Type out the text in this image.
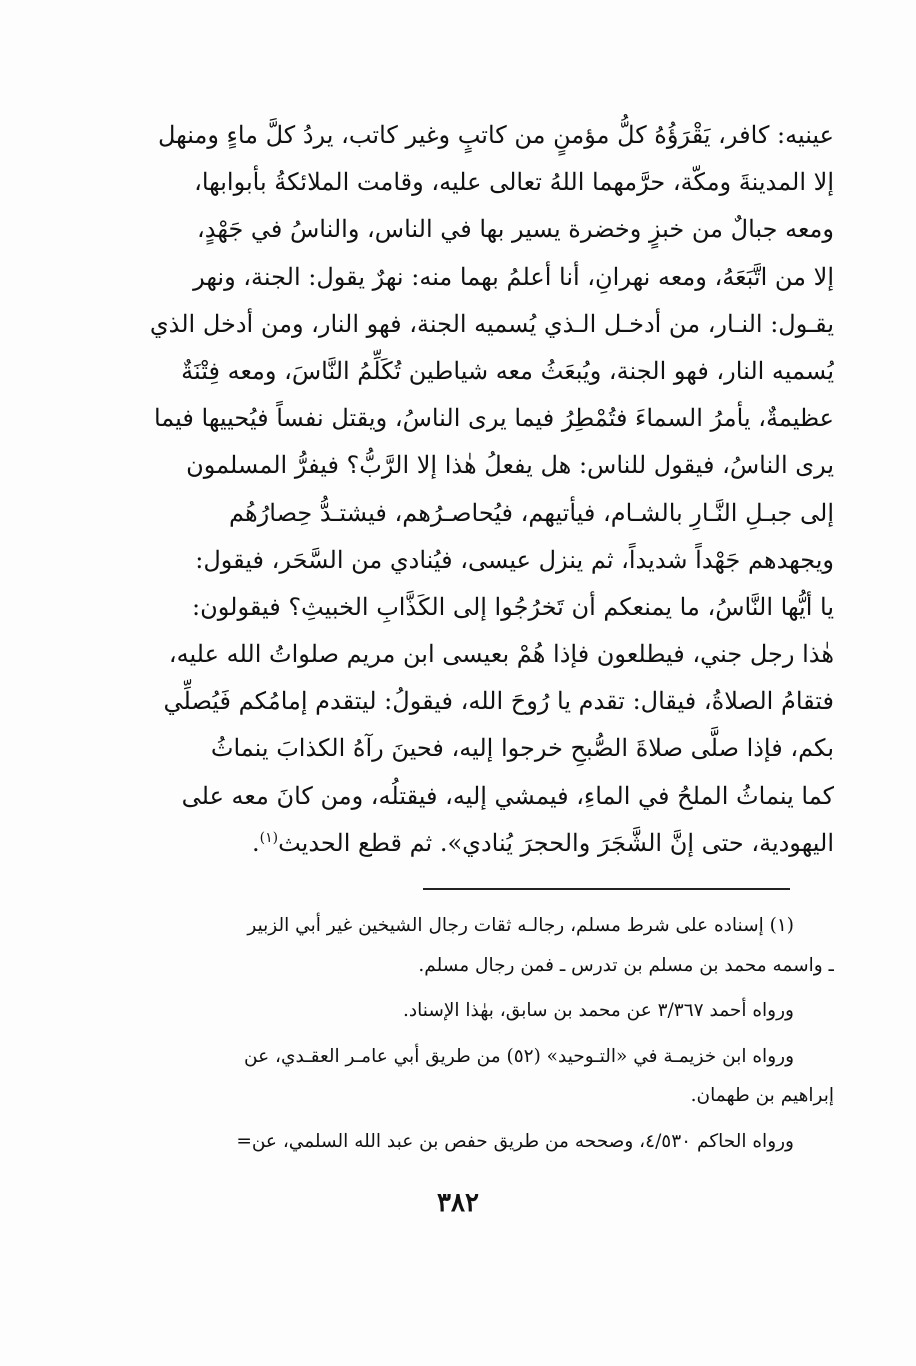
عينيه: كافر، يَقْرَؤُهُ كلُّ مؤمنٍ من كاتبٍ وغير كاتب، يردُ كلَّ ماءٍ ومنهل
إلا المدينةَ ومكّة، حرَّمهما اللهُ تعالى عليه، وقامت الملائكةُ بأبوابها،
ومعه جبالٌ من خبزٍ وخضرة يسير بها في الناس، والناسُ في جَهْدٍ،
إلا من اتَّبَعَهُ، ومعه نهرانِ، أنا أعلمُ بهما منه: نهرٌ يقول: الجنة، ونهر
يقـول: النـار، من أدخـل الـذي يُسميه الجنة، فهو النار، ومن أدخل الذي
يُسميه النار، فهو الجنة، ويُبعَثُ معه شياطين تُكَلِّمُ النَّاسَ، ومعه فِتْنَةٌ
عظيمةٌ، يأمرُ السماءَ فتُمْطِرُ فيما يرى الناسُ، ويقتل نفساً فيُحييها فيما
يرى الناسُ، فيقول للناس: هل يفعلُ هٰذا إلا الرَّبُّ؟ فيفرُّ المسلمون
إلى جبـلِ النَّـارِ بالشـام، فيأتيهم، فيُحاصـرُهم، فيشتـدُّ حِصارُهُم
ويجهدهم جَهْداً شديداً، ثم ينزل عيسى، فيُنادي من السَّحَر، فيقول:
يا أيُّها النَّاسُ، ما يمنعكم أن تَخرُجُوا إلى الكَذَّابِ الخبيثِ؟ فيقولون:
هٰذا رجل جني، فيطلعون فإذا هُمْ بعيسى ابن مريم صلواتُ الله عليه،
فتقامُ الصلاةُ، فيقال: تقدم يا رُوحَ الله، فيقولُ: ليتقدم إمامُكم فَيُصلِّي
بكم، فإذا صلَّى صلاةَ الصُّبحِ خرجوا إليه، فحينَ رآهُ الكذابَ ينماثُ
كما ينماثُ الملحُ في الماءِ، فيمشي إليه، فيقتلُه، ومن كانَ معه على
اليهودية، حتى إنَّ الشَّجَرَ والحجرَ يُنادي». ثم قطع الحديث$^{(١)}$.
(١) إسناده على شرط مسلم، رجالـه ثقات رجال الشيخين غير أبي الزبير
ـ واسمه محمد بن مسلم بن تدرس ـ فمن رجال مسلم.
ورواه أحمد ٣/٣٦٧ عن محمد بن سابق، بهٰذا الإسناد.
ورواه ابن خزيمـة في «التـوحيد» (٥٢) من طريق أبي عامـر العقـدي، عن
إبراهيم بن طهمان.
ورواه الحاكم ٤/٥٣٠، وصححه من طريق حفص بن عبد الله السلمي، عن=
٣٨٢
